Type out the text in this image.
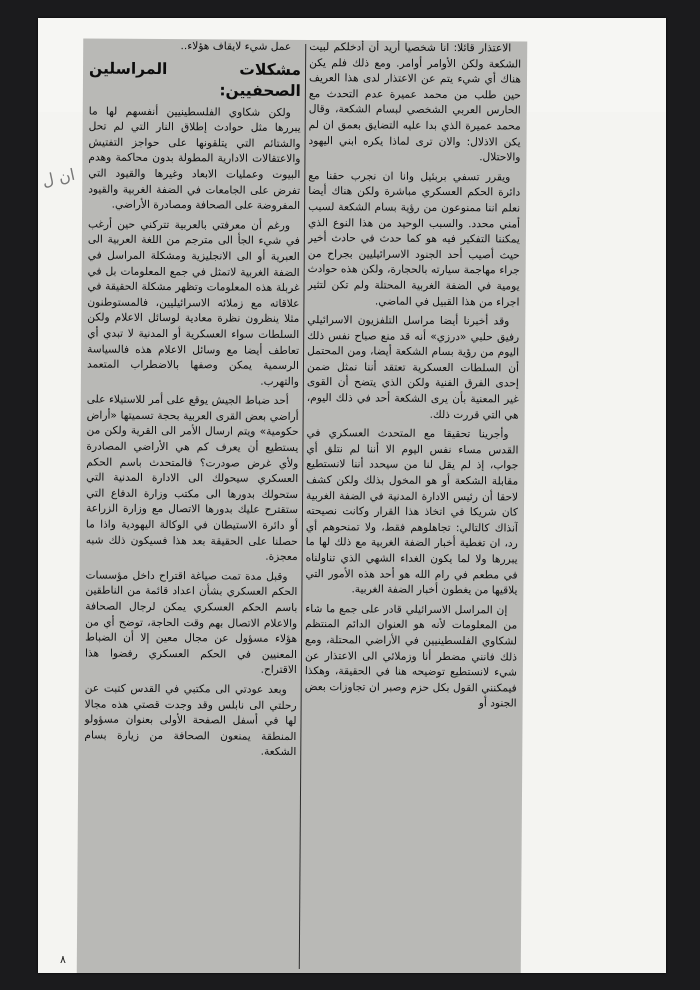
الاعتذار قائلا: انا شخصيا أريد أن أدخلكم لبيت الشكعة ولكن الأوامر أوامر. ومع ذلك فلم يكن هناك أي شيء يتم عن الاعتذار لدى هذا العريف حين طلب من محمد عميرة عدم التحدث مع الحارس العربي الشخصي لبسام الشكعة، وقال محمد عميرة الذي بدا عليه التضايق بعمق ان لم يكن الاذلال: والان ترى لماذا يكره ابني اليهود والاحتلال.

ويقرر تسفي بربئيل وانا ان نجرب حقنا مع دائرة الحكم العسكري مباشرة ولكن هناك أيضا نعلم اننا ممنوعون من رؤية بسام الشكعة لسبب أمني محدد. والسبب الوحيد من هذا النوع الذي يمكننا التفكير فيه هو كما حدث في حادث أخير حيث أصيب أحد الجنود الاسرائيليين بجراح من جراء مهاجمة سيارته بالحجارة، ولكن هذه حوادث يومية في الضفة الغربية المحتلة ولم تكن لتثير اجراء من هذا القبيل في الماضي.

وقد أخبرنا أيضا مراسل التلفزيون الاسرائيلي رفيق حلبي «درزي» أنه قد منع صباح نفس ذلك اليوم من رؤية بسام الشكعة أيضا، ومن المحتمل أن السلطات العسكرية تعتقد أننا نمثل ضمن إحدى الفرق الفنية ولكن الذي يتضح أن القوى غير المعنية بأن يرى الشكعة أحد في ذلك اليوم، هي التي قررت ذلك.

وأجرينا تحقيقا مع المتحدث العسكري في القدس مساء نفس اليوم الا أننا لم نتلق أي جواب، إذ لم يقل لنا من سيحدد أننا لانستطيع مقابلة الشكعة أو هو المخول بذلك ولكن كشف لاحقا أن رئيس الادارة المدنية في الضفة الغربية كان شريكا في اتخاذ هذا القرار وكانت نصيحته آنذاك كالتالي: تجاهلوهم فقط، ولا تمنحوهم أي رد، ان تغطية أخبار الضفة الغربية مع ذلك لها ما يبررها ولا لما يكون الغداء الشهي الذي تناولناه في مطعم في رام الله هو أحد هذه الأمور التي يلاقيها من يغطون أخبار الضفة الغربية.

إن المراسل الاسرائيلي قادر على جمع ما شاء من المعلومات لأنه هو العنوان الدائم المنتظم لشكاوي الفلسطينيين في الأراضي المحتلة، ومع ذلك فانني مضطر أنا وزملائي الى الاعتذار عن شيء لانستطيع توضيحه هنا في الحقيقة، وهكذا فيمكنني القول بكل حزم وصبر ان تجاوزات بعض الجنود أو

عمل شيء لايقاف هؤلاء..

مشكلات المراسلين الصحفيين:

ولكن شكاوي الفلسطينيين أنفسهم لها ما يبررها مثل حوادث إطلاق النار التي لم تحل والشتائم التي يتلقونها على حواجز التفتيش والاعتقالات الادارية المطولة بدون محاكمة وهدم البيوت وعمليات الابعاد وغيرها والقيود التي تفرض على الجامعات في الضفة الغربية والقيود المفروضة على الصحافة ومصادرة الأراضي.

ورغم أن معرفتي بالعربية تتركني حين أرغب في شيء الجأ الى مترجم من اللغة العربية الى العبرية أو الى الانجليزية ومشكلة المراسل في الضفة الغربية لاتمثل في جمع المعلومات بل في غربلة هذه المعلومات وتظهر مشكلة الحقيقة في علاقاته مع زملائه الاسرائيليين، فالمستوطنون مثلا ينظرون نظرة معادية لوسائل الاعلام ولكن السلطات سواء العسكرية أو المدنية لا تبدي أي تعاطف أيضا مع وسائل الاعلام هذه فالسياسة الرسمية يمكن وصفها بالاضطراب المتعمد والتهرب.

أحد ضباط الجيش يوقع على أمر للاستيلاء على أراضي بعض القرى العربية بحجة تسميتها «أراض حكومية» ويتم ارسال الأمر الى القرية ولكن من يستطيع أن يعرف كم هي الأراضي المصادرة ولأي غرض صودرت؟ فالمتحدث باسم الحكم العسكري سيحولك الى الادارة المدنية التي ستحولك بدورها الى مكتب وزارة الدفاع التي ستقترح عليك بدورها الاتصال مع وزارة الزراعة أو دائرة الاستيطان في الوكالة اليهودية واذا ما حصلنا على الحقيقة بعد هذا فسيكون ذلك شبه معجزة.

وقبل مدة تمت صياغة اقتراح داخل مؤسسات الحكم العسكري بشأن اعداد قائمة من الناطقين باسم الحكم العسكري يمكن لرجال الصحافة والاعلام الاتصال بهم وقت الحاجة، توضح أي من هؤلاء مسؤول عن مجال معين إلا أن الضباط المعنيين في الحكم العسكري رفضوا هذا الاقتراح.

وبعد عودتي الى مكتبي في القدس كتبت عن رحلتي الى نابلس وقد وجدت قصتي هذه مجالا لها في أسفل الصفحة الأولى بعنوان مسؤولو المنطقة يمنعون الصحافة من زيارة بسام الشكعة.

ان ل
٨
